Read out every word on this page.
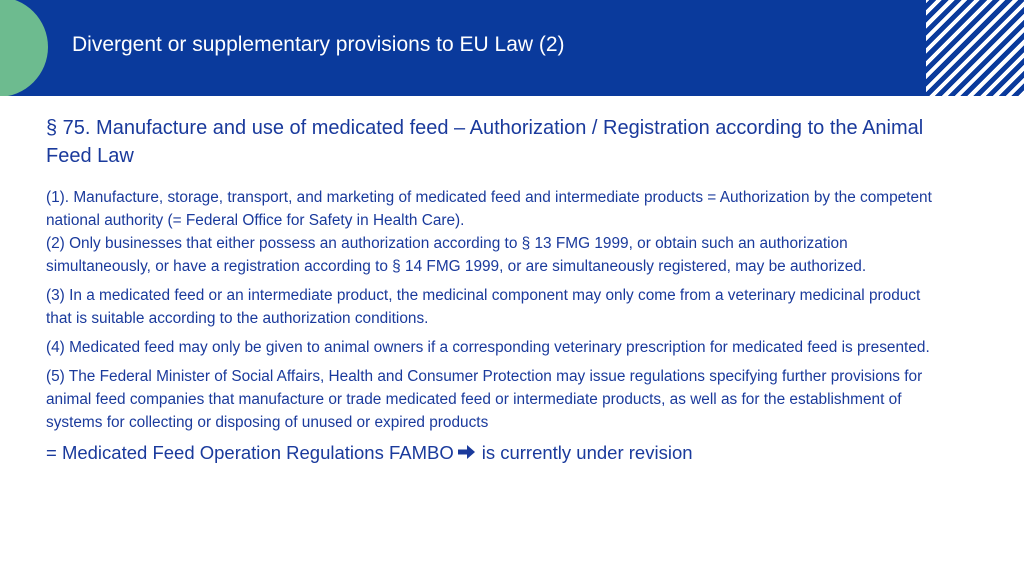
Divergent or supplementary provisions to EU Law (2)
§ 75. Manufacture and use of medicated feed – Authorization / Registration according to the Animal Feed Law
(1). Manufacture, storage, transport, and marketing of medicated feed and intermediate products = Authorization by the competent national authority (= Federal Office for Safety in Health Care).
(2) Only businesses that either possess an authorization according to § 13 FMG 1999, or obtain such an authorization simultaneously, or have a registration according to § 14 FMG 1999, or are simultaneously registered, may be authorized.
(3) In a medicated feed or an intermediate product, the medicinal component may only come from a veterinary medicinal product that is suitable according to the authorization conditions.
(4) Medicated feed may only be given to animal owners if a corresponding veterinary prescription for medicated feed is presented.
(5) The Federal Minister of Social Affairs, Health and Consumer Protection may issue regulations specifying further provisions for animal feed companies that manufacture or trade medicated feed or intermediate products, as well as for the establishment of systems for collecting or disposing of unused or expired products
= Medicated Feed Operation Regulations FAMBO is currently under revision
